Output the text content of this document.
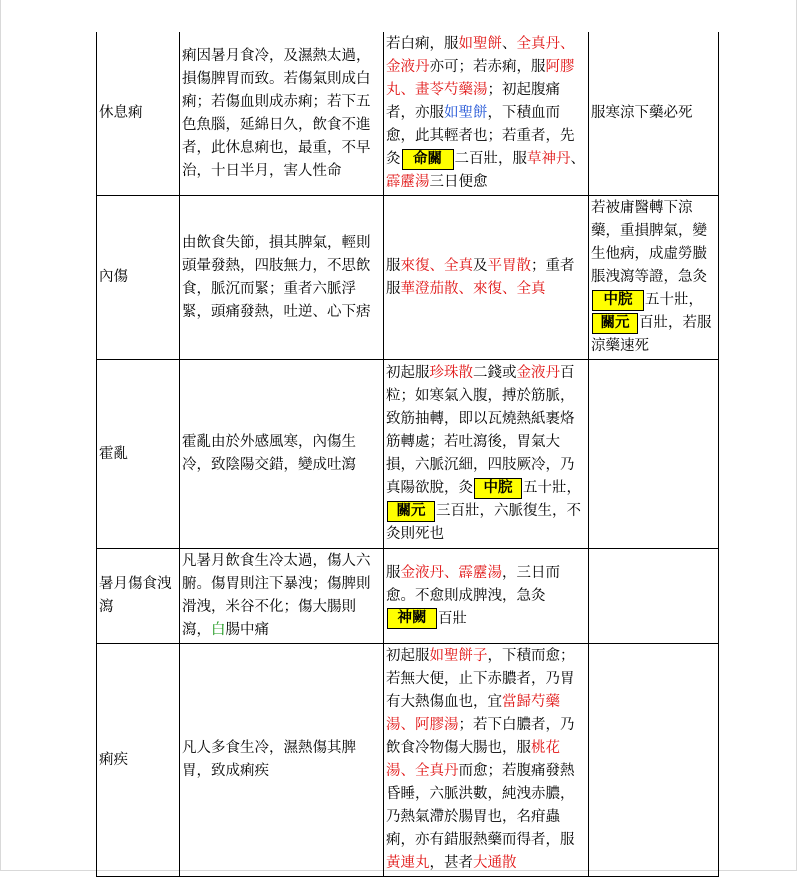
休息痢	痢因暑月食冷，及濕熱太過，損傷脾胃而致。若傷氣則成白痢；若傷血則成赤痢；若下五色魚腦，延綿日久，飲食不進者，此休息痢也，最重，不早治，十日半月，害人性命	若白痢，服如聖餅、全真丹、金液丹亦可；若赤痢，服阿膠丸、畫苓芍藥湯；初起腹痛者，亦服如聖餅，下積血而愈，此其輕者也；若重者，先灸 命關 二百壯，服草神丹、霹靂湯三日便愈	服寒涼下藥必死
內傷	由飲食失節，損其脾氣，輕則頭暈發熱，四肢無力，不思飲食，脈沉而緊；重者六脈浮緊，頭痛發熱，吐逆、心下痞	服來復、全真及平胃散；重者服華澄茄散、來復、全真	若被庸醫轉下涼藥，重損脾氣，變生他病，成虛勞臌脹洩瀉等證，急灸中脘 五十壯，關元 百壯，若服涼藥速死
霍亂	霍亂由於外感風寒，內傷生冷，致陰陽交錯，變成吐瀉	初起服珍珠散二錢或金液丹百粒；如寒氣入腹，搏於筋脈，致筋抽轉，即以瓦燒熱紙裹烙筋轉處；若吐瀉後，胃氣大損，六脈沉細，四肢厥冷，乃真陽欲脫，灸 中脘 五十壯，關元 三百壯，六脈復生，不灸則死也	
暑月傷食洩瀉	凡暑月飲食生冷太過，傷人六腑。傷胃則注下暴洩；傷脾則滑洩，米谷不化；傷大腸則瀉，白腸中痛	服金液丹、霹靂湯，三日而愈。不愈則成脾洩，急灸神闕 百壯	
痢疾	凡人多食生冷，濕熱傷其脾胃，致成痢疾	初起服如聖餅子，下積而愈；若無大便，止下赤膿者，乃胃有大熱傷血也，宜當歸芍藥湯、阿膠湯；若下白膿者，乃飲食冷物傷大腸也，服桃花湯、全真丹而愈；若腹痛發熱昏睡，六脈洪數，純洩赤膿，乃熱氣滯於腸胃也，名疳蟲痢，亦有錯服熱藥而得者，服黃連丸，甚者大通散	
